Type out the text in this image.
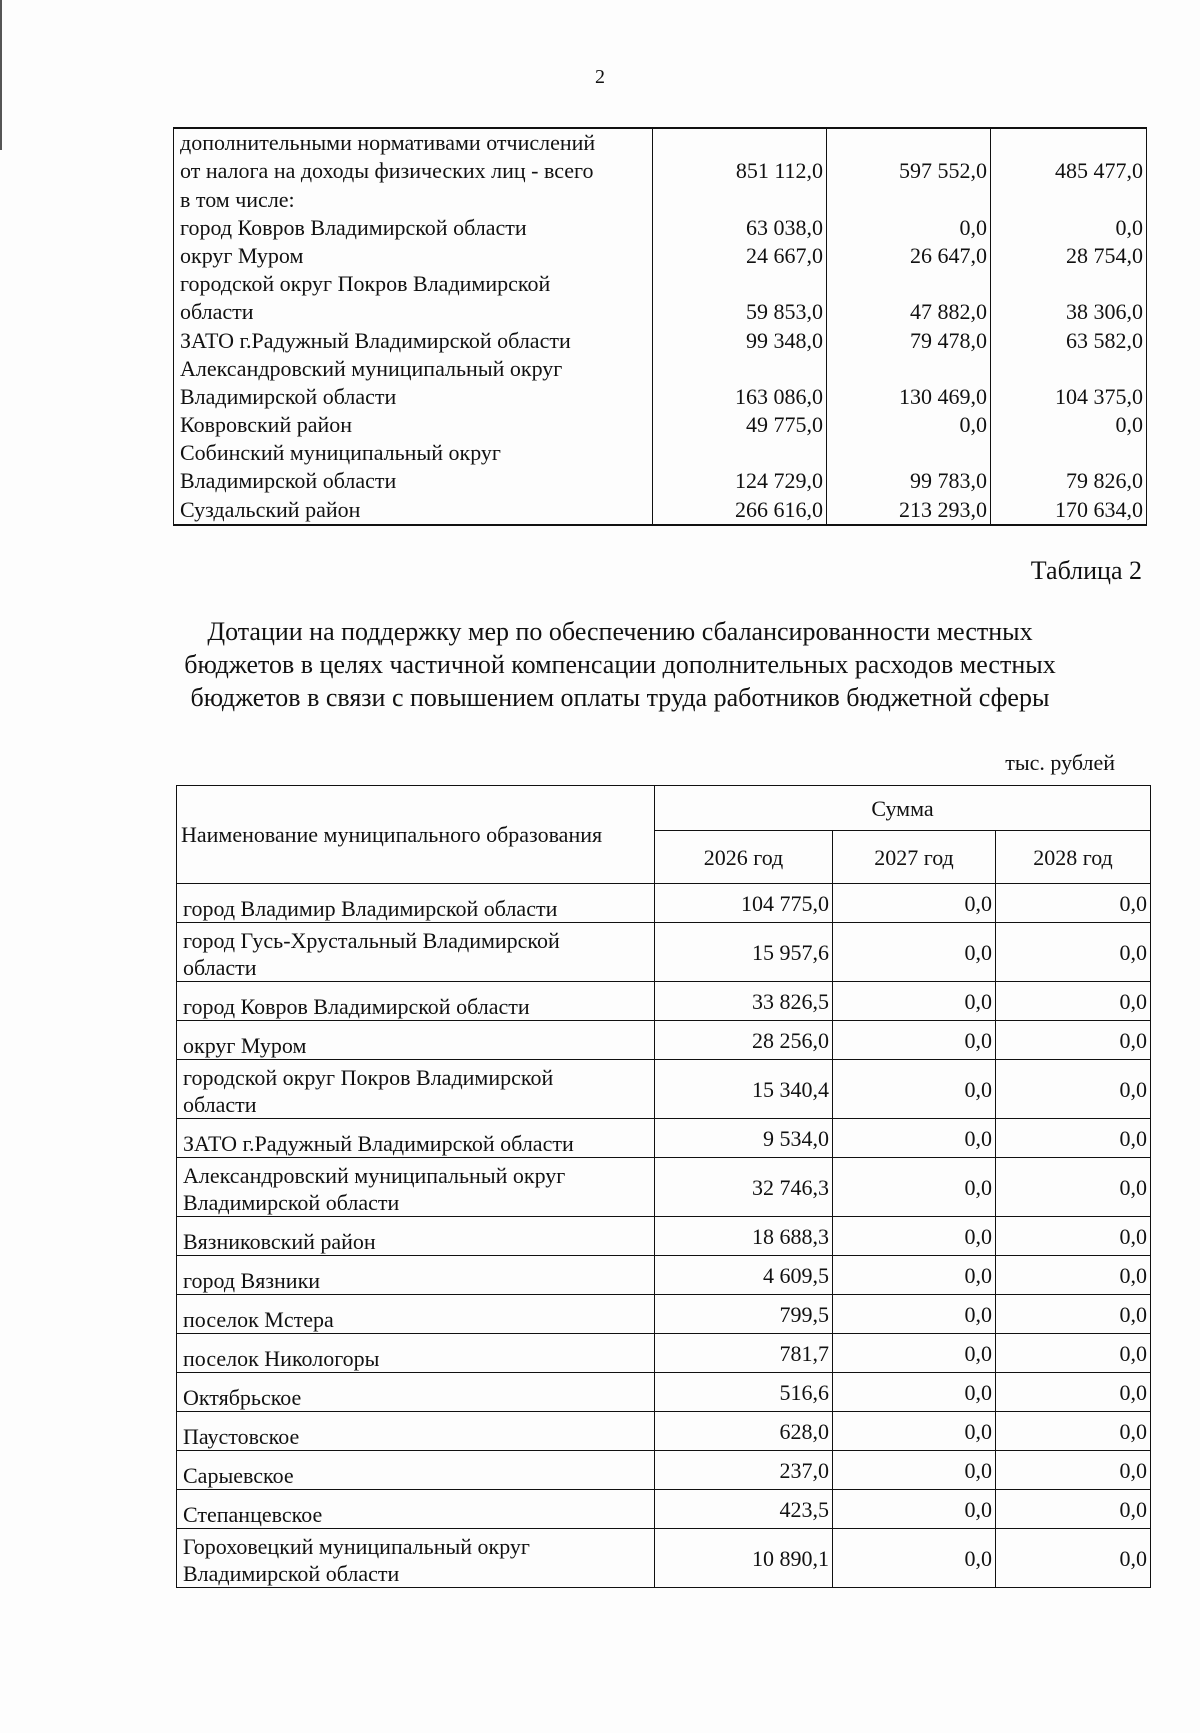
2
дополнительными нормативами отчислений			
от налога на доходы физических лиц - всего	851 112,0	597 552,0	485 477,0
в том числе:			
город Ковров Владимирской области	63 038,0	0,0	0,0
округ Муром	24 667,0	26 647,0	28 754,0
городской округ Покров Владимирской			
области	59 853,0	47 882,0	38 306,0
ЗАТО г.Радужный Владимирской области	99 348,0	79 478,0	63 582,0
Александровский муниципальный округ			
Владимирской области	163 086,0	130 469,0	104 375,0
Ковровский район	49 775,0	0,0	0,0
Собинский муниципальный округ			
Владимирской области	124 729,0	99 783,0	79 826,0
Суздальский район	266 616,0	213 293,0	170 634,0
Таблица 2
Дотации на поддержку мер по обеспечению сбалансированности местных
бюджетов в целях частичной компенсации дополнительных расходов местных
бюджетов в связи с повышением оплаты труда работников бюджетной сферы
тыс. рублей
Наименование муниципального образования	Сумма		
	2026 год	2027 год	2028 год

город Владимир Владимирской области	104 775,0	0,0	0,0

город Гусь-Хрустальный Владимирской
области	15 957,6	0,0	0,0

город Ковров Владимирской области	33 826,5	0,0	0,0

округ Муром	28 256,0	0,0	0,0

городской округ Покров Владимирской
области	15 340,4	0,0	0,0

ЗАТО г.Радужный Владимирской области	9 534,0	0,0	0,0

Александровский муниципальный округ
Владимирской области	32 746,3	0,0	0,0

Вязниковский район	18 688,3	0,0	0,0

город Вязники	4 609,5	0,0	0,0

поселок Мстера	799,5	0,0	0,0

поселок Никологоры	781,7	0,0	0,0

Октябрьское	516,6	0,0	0,0

Паустовское	628,0	0,0	0,0

Сарыевское	237,0	0,0	0,0

Степанцевское	423,5	0,0	0,0

Гороховецкий муниципальный округ
Владимирской области	10 890,1	0,0	0,0
